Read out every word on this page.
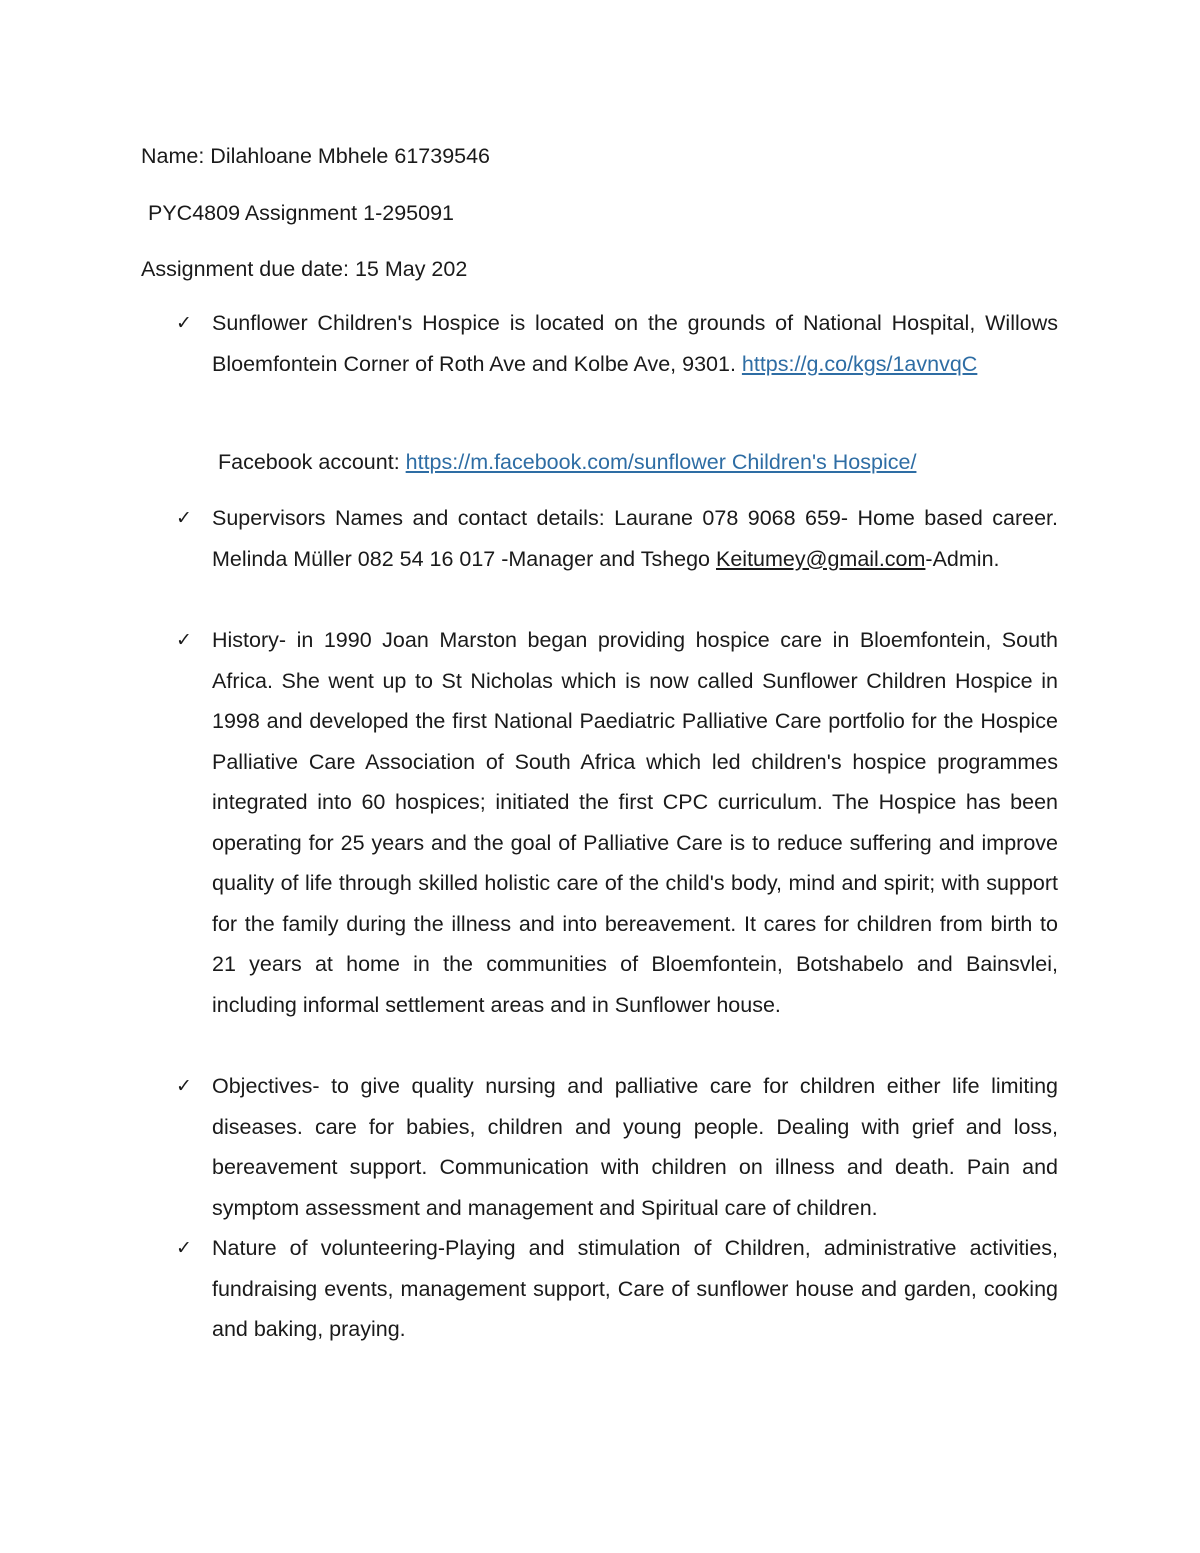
Name: Dilahloane Mbhele 61739546
PYC4809 Assignment 1-295091
Assignment due date: 15 May 202
✓ Sunflower Children's Hospice is located on the grounds of National Hospital, Willows Bloemfontein Corner of Roth Ave and Kolbe Ave, 9301. https://g.co/kgs/1avnvqC
Facebook account: https://m.facebook.com/sunflower Children's Hospice/
✓ Supervisors Names and contact details: Laurane 078 9068 659- Home based career. Melinda Müller 082 54 16 017 -Manager and Tshego Keitumey@gmail.com-Admin.
✓ History- in 1990 Joan Marston began providing hospice care in Bloemfontein, South Africa. She went up to St Nicholas which is now called Sunflower Children Hospice in 1998 and developed the first National Paediatric Palliative Care portfolio for the Hospice Palliative Care Association of South Africa which led children's hospice programmes integrated into 60 hospices; initiated the first CPC curriculum. The Hospice has been operating for 25 years and the goal of Palliative Care is to reduce suffering and improve quality of life through skilled holistic care of the child's body, mind and spirit; with support for the family during the illness and into bereavement. It cares for children from birth to 21 years at home in the communities of Bloemfontein, Botshabelo and Bainsvlei, including informal settlement areas and in Sunflower house.
✓ Objectives- to give quality nursing and palliative care for children either life limiting diseases. care for babies, children and young people. Dealing with grief and loss, bereavement support. Communication with children on illness and death. Pain and symptom assessment and management and Spiritual care of children.
✓ Nature of volunteering-Playing and stimulation of Children, administrative activities, fundraising events, management support, Care of sunflower house and garden, cooking and baking, praying.
